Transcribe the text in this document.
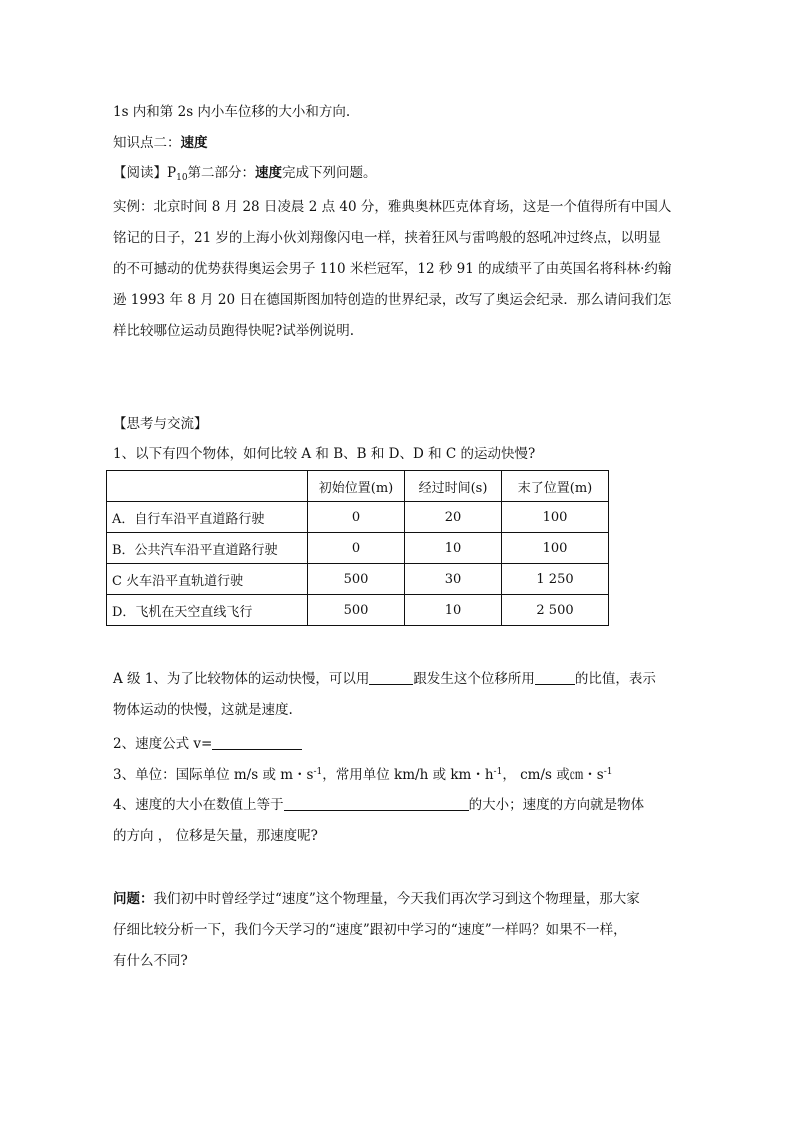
1s 内和第 2s 内小车位移的大小和方向.
知识点二：速度
【阅读】$P_{10}$第二部分：速度完成下列问题。
实例：北京时间 8 月 28 日凌晨 2 点 40 分，雅典奥林匹克体育场，这是一个值得所有中国人
铭记的日子，21 岁的上海小伙刘翔像闪电一样，挟着狂风与雷鸣般的怒吼冲过终点，以明显
的不可撼动的优势获得奥运会男子 110 米栏冠军，12 秒 91 的成绩平了由英国名将科林·约翰
逊 1993 年 8 月 20 日在德国斯图加特创造的世界纪录，改写了奥运会纪录．那么请问我们怎
样比较哪位运动员跑得快呢?试举例说明.
【思考与交流】
1、以下有四个物体，如何比较 A 和 B、B 和 D、D 和 C 的运动快慢?
	初始位置(m)	经过时间(s)	末了位置(m)
A．自行车沿平直道路行驶	0	20	100
B．公共汽车沿平直道路行驶	0	10	100
C 火车沿平直轨道行驶	500	30	1 250
D．飞机在天空直线飞行	500	10	2 500
A 级 1、为了比较物体的运动快慢，可以用	跟发生这个位移所用	的比值，表示
物体运动的快慢，这就是速度.
2、速度公式 v=
3、单位：国际单位 m/s 或 m・$s^{-1}$，常用单位 km/h 或 km・$h^{-1}$， cm/s 或㎝・$s^{-1}$
4、速度的大小在数值上等于	的大小；速度的方向就是物体
的方向 ， 位移是矢量，那速度呢?
问题：我们初中时曾经学过“速度”这个物理量，今天我们再次学习到这个物理量，那大家
仔细比较分析一下，我们今天学习的“速度”跟初中学习的“速度”一样吗？如果不一样，
有什么不同?
